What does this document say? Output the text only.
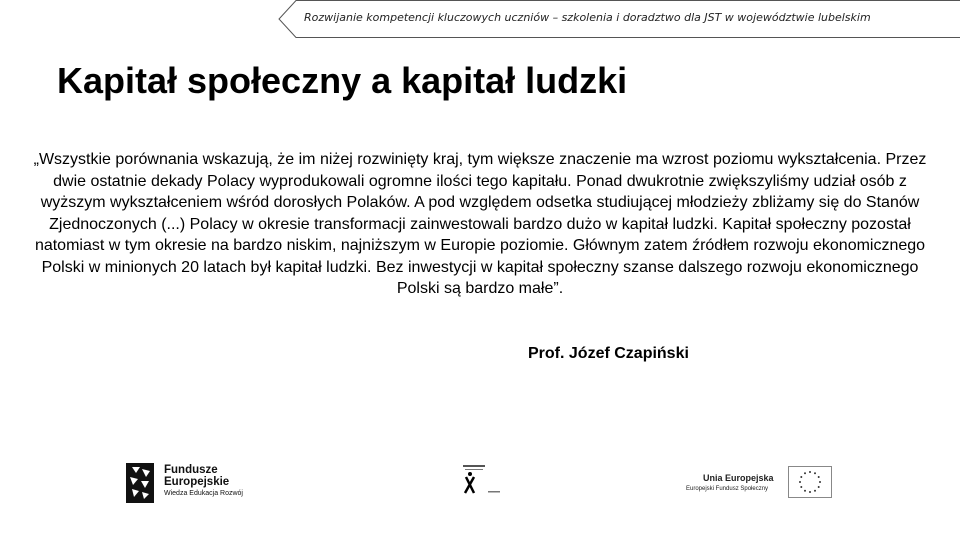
Rozwijanie kompetencji kluczowych uczniów – szkolenia i doradztwo dla JST w województwie lubelskim
Kapitał społeczny a kapitał ludzki

„Wszystkie porównania wskazują, że im niżej rozwinięty kraj, tym większe znaczenie ma wzrost poziomu wykształcenia. Przez dwie ostatnie dekady Polacy wyprodukowali ogromne ilości tego kapitału. Ponad dwukrotnie zwiększyliśmy udział osób z wyższym wykształceniem wśród dorosłych Polaków. A pod względem odsetka studiującej młodzieży zbliżamy się do Stanów Zjednoczonych (...) Polacy w okresie transformacji zainwestowali bardzo dużo w kapitał ludzki. Kapitał społeczny pozostał natomiast w tym okresie na bardzo niskim, najniższym w Europie poziomie. Głównym zatem źródłem rozwoju ekonomicznego Polski w minionych 20 latach był kapitał ludzki. Bez inwestycji w kapitał społeczny szanse dalszego rozwoju ekonomicznego Polski są bardzo małe”.

Prof. Józef Czapiński
Fundusze
Europejskie
Wiedza Edukacja Rozwój
Unia Europejska
Europejski Fundusz Społeczny
